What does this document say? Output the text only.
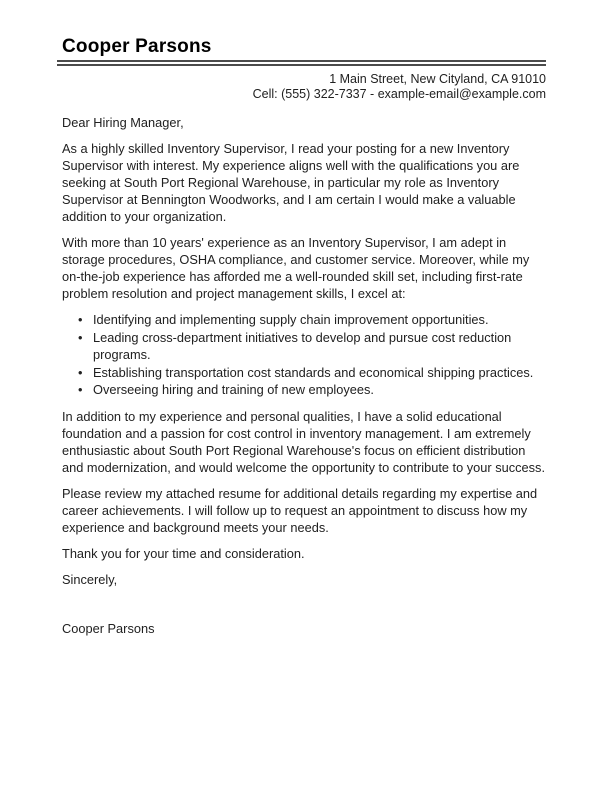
Cooper Parsons
1 Main Street, New Cityland, CA 91010
Cell: (555) 322-7337 - example-email@example.com

Dear Hiring Manager,

As a highly skilled Inventory Supervisor, I read your posting for a new Inventory Supervisor with interest. My experience aligns well with the qualifications you are seeking at South Port Regional Warehouse, in particular my role as Inventory Supervisor at Bennington Woodworks, and I am certain I would make a valuable addition to your organization.

With more than 10 years' experience as an Inventory Supervisor, I am adept in storage procedures, OSHA compliance, and customer service. Moreover, while my on-the-job experience has afforded me a well-rounded skill set, including first-rate problem resolution and project management skills, I excel at:

• Identifying and implementing supply chain improvement opportunities.
• Leading cross-department initiatives to develop and pursue cost reduction programs.
• Establishing transportation cost standards and economical shipping practices.
• Overseeing hiring and training of new employees.

In addition to my experience and personal qualities, I have a solid educational foundation and a passion for cost control in inventory management. I am extremely enthusiastic about South Port Regional Warehouse's focus on efficient distribution and modernization, and would welcome the opportunity to contribute to your success.

Please review my attached resume for additional details regarding my expertise and career achievements. I will follow up to request an appointment to discuss how my experience and background meets your needs.

Thank you for your time and consideration.

Sincerely,

Cooper Parsons
